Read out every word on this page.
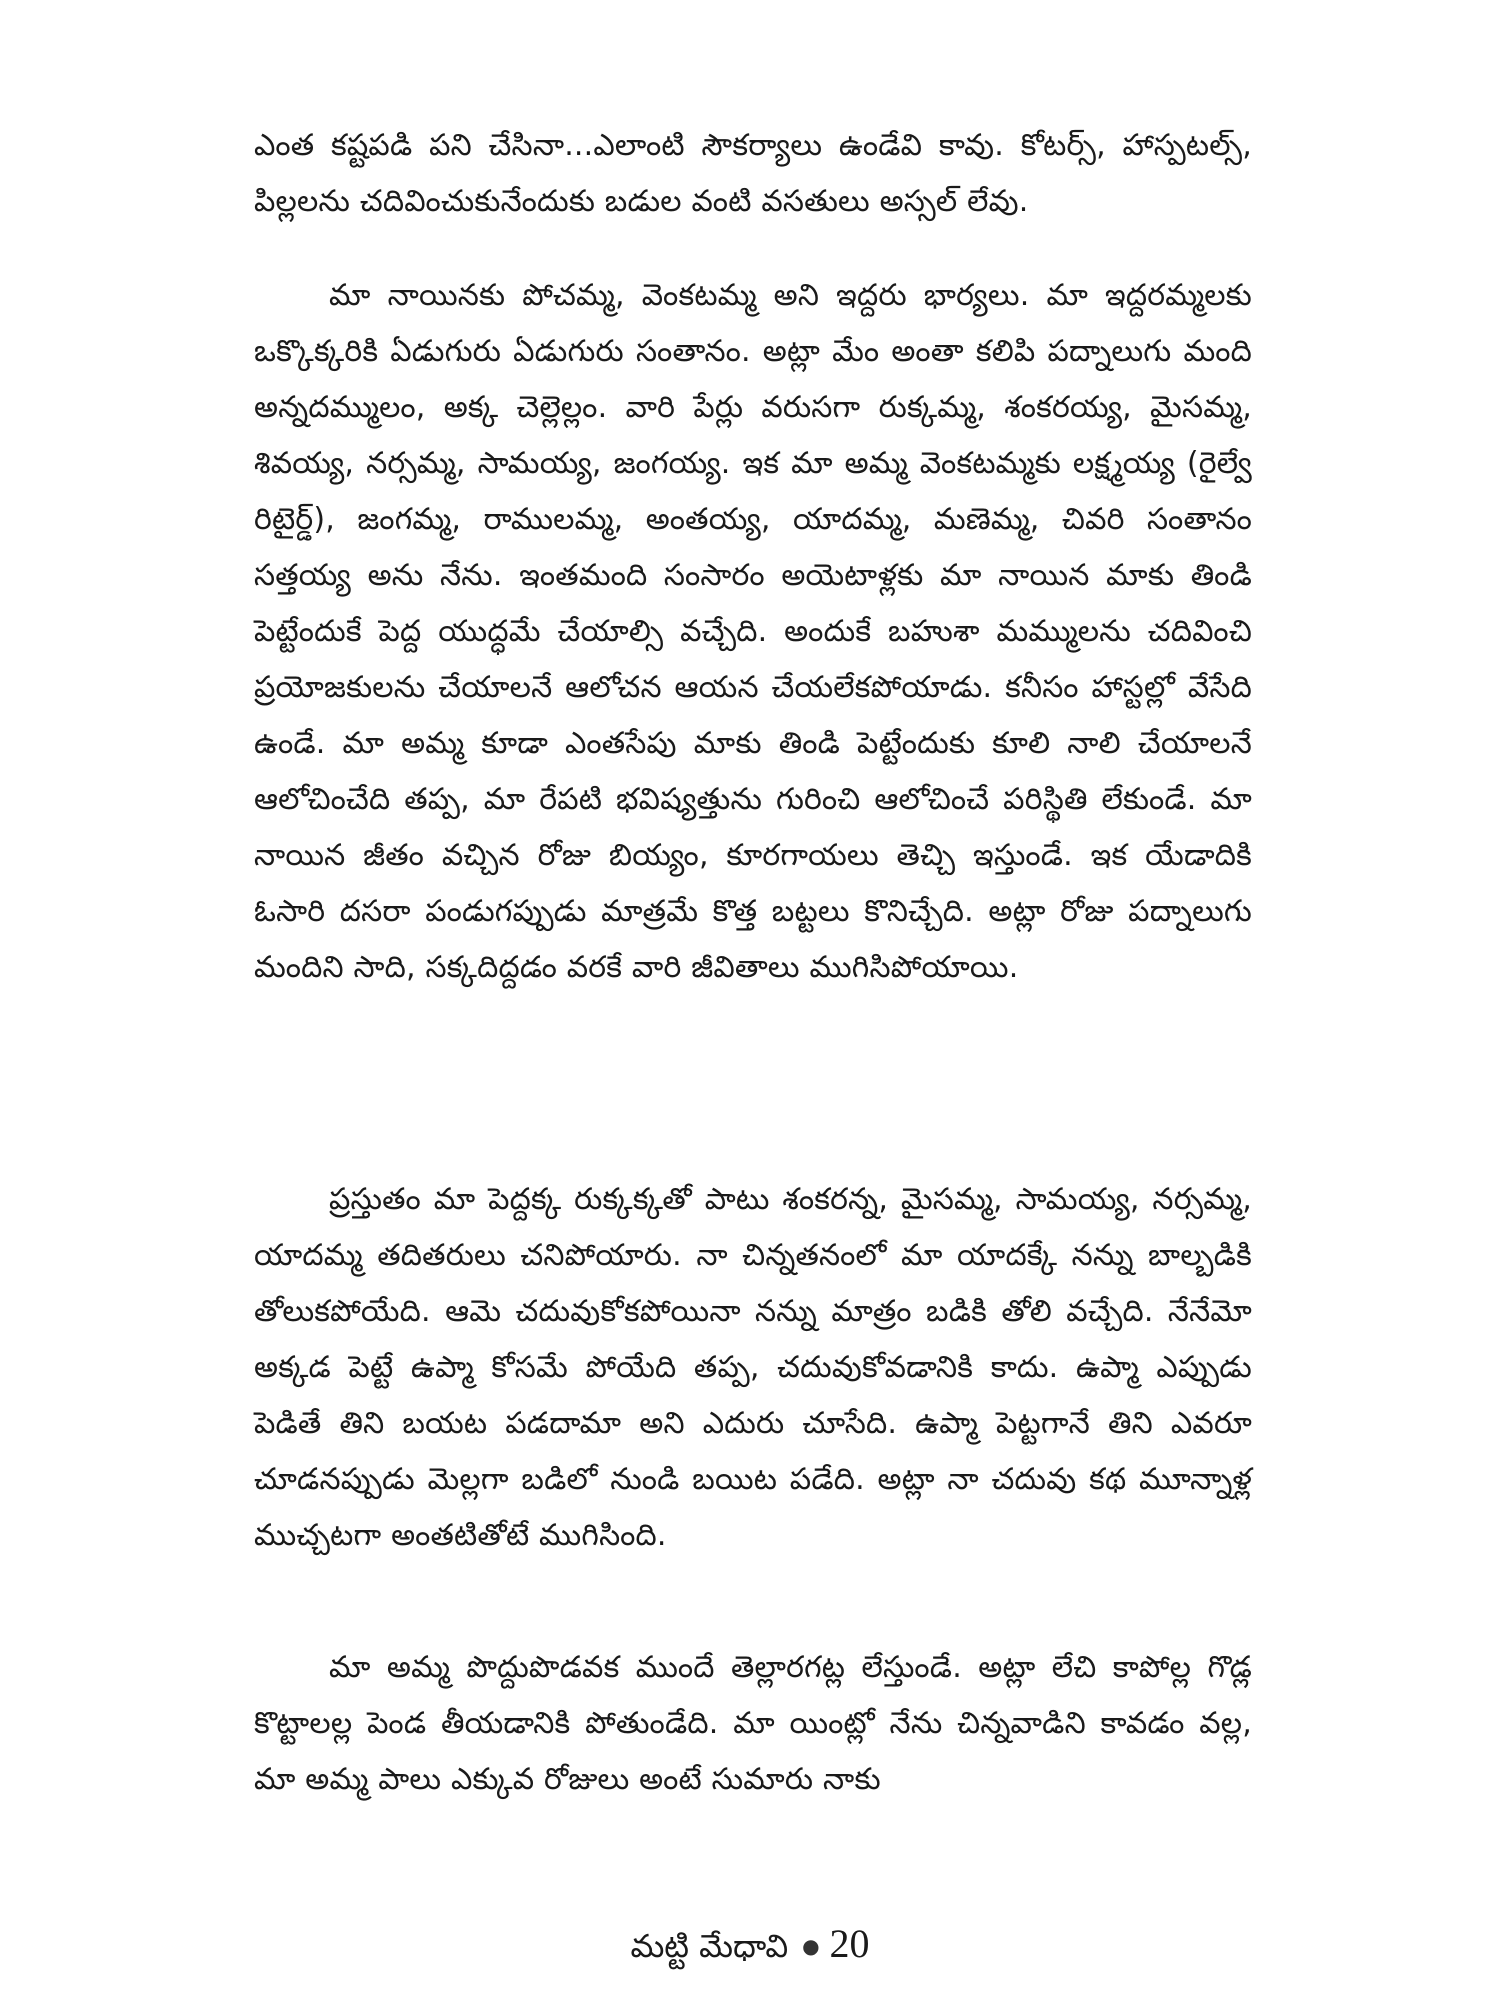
ఎంత కష్టపడి పని చేసినా...ఎలాంటి సౌకర్యాలు ఉండేవి కావు. కోటర్స్, హాస్పటల్స్, పిల్లలను చదివించుకునేందుకు బడుల వంటి వసతులు అస్సల్ లేవు.

మా నాయినకు పోచమ్మ, వెంకటమ్మ అని ఇద్దరు భార్యలు. మా ఇద్దరమ్మలకు ఒక్కొక్కరికి ఏడుగురు ఏడుగురు సంతానం. అట్లా మేం అంతా కలిపి పద్నాలుగు మంది అన్నదమ్ములం, అక్క చెల్లెల్లం. వారి పేర్లు వరుసగా రుక్కమ్మ, శంకరయ్య, మైసమ్మ, శివయ్య, నర్సమ్మ, సామయ్య, జంగయ్య. ఇక మా అమ్మ వెంకటమ్మకు లక్ష్మయ్య (రైల్వే రిటైర్డ్), జంగమ్మ, రాములమ్మ, అంతయ్య, యాదమ్మ, మణెమ్మ, చివరి సంతానం సత్తయ్య అను నేను. ఇంతమంది సంసారం అయెటాళ్లకు మా నాయిన మాకు తిండి పెట్టేందుకే పెద్ద యుద్ధమే చేయాల్సి వచ్చేది. అందుకే బహుశా మమ్ములను చదివించి ప్రయోజకులను చేయాలనే ఆలోచన ఆయన చేయలేకపోయాడు. కనీసం హాస్టల్లో వేసేది ఉండే. మా అమ్మ కూడా ఎంతసేపు మాకు తిండి పెట్టేందుకు కూలి నాలి చేయాలనే ఆలోచించేది తప్ప, మా రేపటి భవిష్యత్తును గురించి ఆలోచించే పరిస్థితి లేకుండే. మా నాయిన జీతం వచ్చిన రోజు బియ్యం, కూరగాయలు తెచ్చి ఇస్తుండే. ఇక యేడాదికి ఓసారి దసరా పండుగప్పుడు మాత్రమే కొత్త బట్టలు కొనిచ్చేది. అట్లా రోజు పద్నాలుగు మందిని సాది, సక్కదిద్దడం వరకే వారి జీవితాలు ముగిసిపోయాయి.

ప్రస్తుతం మా పెద్దక్క రుక్కక్కతో పాటు శంకరన్న, మైసమ్మ, సామయ్య, నర్సమ్మ, యాదమ్మ తదితరులు చనిపోయారు. నా చిన్నతనంలో మా యాదక్కే నన్ను బాల్బడికి తోలుకపోయేది. ఆమె చదువుకోకపోయినా నన్ను మాత్రం బడికి తోలి వచ్చేది. నేనేమో అక్కడ పెట్టే ఉప్మా కోసమే పోయేది తప్ప, చదువుకోవడానికి కాదు. ఉప్మా ఎప్పుడు పెడితే తిని బయట పడదామా అని ఎదురు చూసేది. ఉప్మా పెట్టగానే తిని ఎవరూ చూడనప్పుడు మెల్లగా బడిలో నుండి బయిట పడేది. అట్లా నా చదువు కథ మూన్నాళ్ల ముచ్చటగా అంతటితోటే ముగిసింది.

మా అమ్మ పొద్దుపొడవక ముందే తెల్లారగట్ల లేస్తుండే. అట్లా లేచి కాపోల్ల గొడ్ల కొట్టాలల్ల పెండ తీయడానికి పోతుండేది. మా యింట్లో నేను చిన్నవాడిని కావడం వల్ల, మా అమ్మ పాలు ఎక్కువ రోజులు అంటే సుమారు నాకు

మట్టి మేధావి ● 20
